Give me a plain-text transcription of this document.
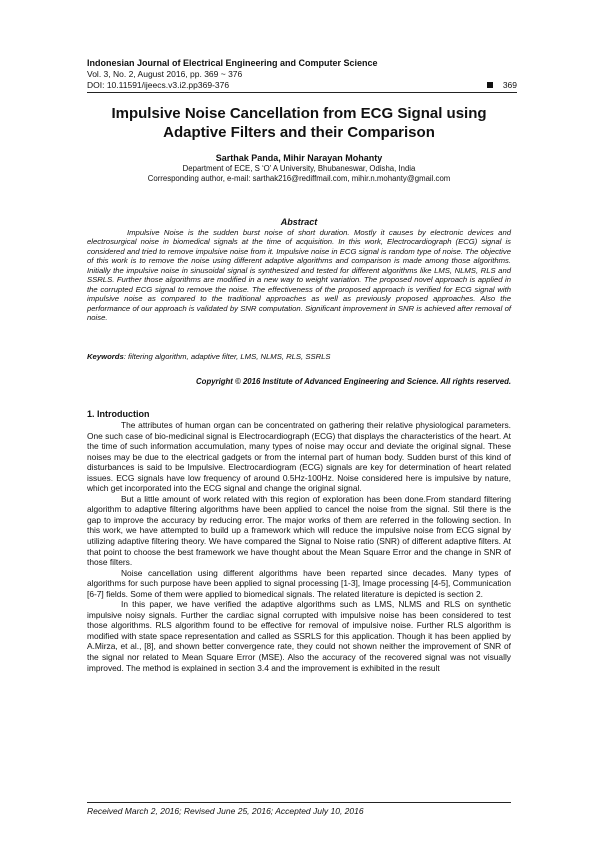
Indonesian Journal of Electrical Engineering and Computer Science
Vol. 3, No. 2, August 2016, pp. 369 ~ 376
DOI: 10.11591/ijeecs.v3.i2.pp369-376	369
Impulsive Noise Cancellation from ECG Signal using Adaptive Filters and their Comparison
Sarthak Panda, Mihir Narayan Mohanty
Department of ECE, S ‘O’ A University, Bhubaneswar, Odisha, India
Corresponding author, e-mail: sarthak216@rediffmail.com, mihir.n.mohanty@gmail.com
Abstract

Impulsive Noise is the sudden burst noise of short duration. Mostly it causes by electronic devices and electrosurgical noise in biomedical signals at the time of acquisition. In this work, Electrocardiograph (ECG) signal is considered and tried to remove impulsive noise from it. Impulsive noise in ECG signal is random type of noise. The objective of this work is to remove the noise using different adaptive algorithms and comparison is made among those algorithms. Initially the impulsive noise in sinusoidal signal is synthesized and tested for different algorithms like LMS, NLMS, RLS and SSRLS. Further those algorithms are modified in a new way to weight variation. The proposed novel approach is applied in the corrupted ECG signal to remove the noise. The effectiveness of the proposed approach is verified for ECG signal with impulsive noise as compared to the traditional approaches as well as previously proposed approaches. Also the performance of our approach is validated by SNR computation. Significant improvement in SNR is achieved after removal of noise.

Keywords: filtering algorithm, adaptive filter, LMS, NLMS, RLS, SSRLS
Copyright © 2016 Institute of Advanced Engineering and Science. All rights reserved.
1. Introduction

The attributes of human organ can be concentrated on gathering their relative physiological parameters. One such case of bio-medicinal signal is Electrocardiograph (ECG) that displays the characteristics of the heart. At the time of such information accumulation, many types of noise may occur and deviate the original signal. These noises may be due to the electrical gadgets or from the internal part of human body. Sudden burst of this kind of disturbances is said to be Impulsive. Electrocardiogram (ECG) signals are key for determination of heart related issues. ECG signals have low frequency of around 0.5Hz-100Hz. Noise considered here is impulsive by nature, which get incorporated into the ECG signal and change the original signal.

But a little amount of work related with this region of exploration has been done.From standard filtering algorithm to adaptive filtering algorithms have been applied to cancel the noise from the signal. Stil there is the gap to improve the accuracy by reducing error. The major works of them are referred in the following section. In this work, we have attempted to build up a framework which will reduce the impulsive noise from ECG signal by utilizing adaptive filtering theory. We have compared the Signal to Noise ratio (SNR) of different adaptive filters. At that point to choose the best framework we have thought about the Mean Square Error and the change in SNR of those filters.

Noise cancellation using different algorithms have been reparted since decades. Many types of algorithms for such purpose have been applied to signal processing [1-3], Image processing [4-5], Communication [6-7] fields. Some of them were applied to biomedical signals. The related literature is depicted is section 2.

In this paper, we have verified the adaptive algorithms such as LMS, NLMS and RLS on synthetic impulsive noisy signals. Further the cardiac signal corrupted with impulsive noise has been considered to test those algorithms. RLS algorithm found to be effective for removal of impulsive noise. Further RLS algorithm is modified with state space representation and called as SSRLS for this application. Though it has been applied by A.Mirza, et al., [8], and shown better convergence rate, they could not shown neither the improvement of SNR of the signal nor related to Mean Square Error (MSE). Also the accuracy of the recovered signal was not visually improved. The method is explained in section 3.4 and the improvement is exhibited in the result

Received March 2, 2016; Revised June 25, 2016; Accepted July 10, 2016
